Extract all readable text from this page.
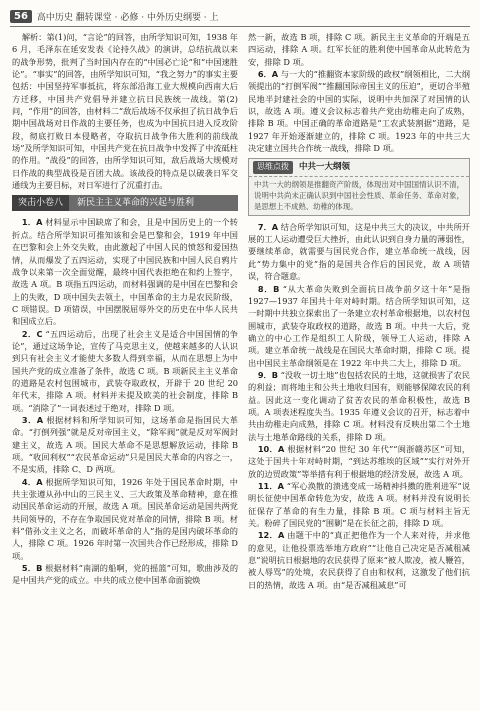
56	高中历史 翻转课堂 · 必修 · 中外历史纲要 · 上

解析：第(1)问，“言论”的回答，由所学知识可知，1938 年 6 月，毛泽东在延安发表《论持久战》的演讲，总结抗战以来的战争形势，批判了当时国内存在的“中国必亡论”和“中国速胜论”。“事实”的回答，由所学知识可知，“我之努力”的事实主要包括：中国坚持军事抵抗，将东部沿海工业大规模向西南大后方迁移，中国共产党倡导并建立抗日民族统一战线。第(2)问，“作用”的回答，由材料二“敌后战场不仅承担了抗日战争后期中国战场对日作战的主要任务，也成为中国抗日进入反攻阶段，彻底打败日本侵略者，夺取抗日战争伟大胜利的前线战场”及所学知识可知，中国共产党在抗日战争中发挥了中流砥柱的作用。“战役”的回答，由所学知识可知，敌后战场大规模对日作战的典型战役是百团大战。该战役的特点是以破袭日军交通线为主要目标，对日军进行了沉重打击。

突击小卷八	新民主主义革命的兴起与胜利

1．A 材料显示中国缺席了和会，且是中国历史上的一个转折点。结合所学知识可推知该和会是巴黎和会，1919 年中国在巴黎和会上外交失败，由此激起了中国人民的愤怒和爱国热情，从而爆发了五四运动，实现了中国民族和中国人民自鸦片战争以来第一次全面觉醒，最终中国代表拒绝在和约上签字，故选 A 项。B 项指五四运动，而材料强调的是中国在巴黎和会上的失败，D 项中国失去领土，中国革命的主力是农民阶级，C 项错误。D 项错误，中国摆脱屈辱外交的历史在中华人民共和国成立后。

2．C “五四运动后，出现了社会主义是适合中国国情的争论”，通过这场争论，宣传了马克思主义，使越来越多的人认识到只有社会主义才能使大多数人得到幸福，从而在思想上为中国共产党的成立准备了条件，故选 C 项。B 项新民主主义革命的道路是农村包围城市，武装夺取政权，开辟于 20 世纪 20 年代末，排除 A 项。材料并未提及欧美的社会制度，排除 B 项。“消除了”一词表述过于绝对，排除 D 项。

3．A 根据材料和所学知识可知，这场革命是指国民大革命。“打倒列强”就是反对帝国主义，“除军阀”就是反对军阀封建主义，故选 A 项。国民大革命不是思想解放运动，排除 B 项。“收回利权”“农民革命运动”只是国民大革命的内容之一，不是实质，排除 C、D 两项。

4．A 根据所学知识可知，1926 年处于国民革命时期，中共主张遵从孙中山的三民主义、三大政策及革命精神，意在推动国民革命运动的开展，故选 A 项。国民革命运动是国共两党共同领导的，不存在争取国民党对革命的同情，排除 B 项。材料“借孙文主义之名，而破坏革命的人”指的是国内破坏革命的人，排除 C 项。1926 年时第一次国共合作已经形成，排除 D 项。

5．B 根据材料“南湖的船啊，党的摇篮”可知，歌曲涉及的是中国共产党的成立。中共的成立使中国革命面貌焕

然一新，故选 B 项，排除 C 项。新民主主义革命的开端是五四运动，排除 A 项。红军长征的胜利使中国革命从此转危为安，排除 D 项。

6．A 与一大的“推翻资本家阶级的政权”纲领相比，二大纲领提出的“打倒军阀”“推翻国际帝国主义的压迫”，更切合半殖民地半封建社会的中国的实际，说明中共加深了对国情的认识，故选 A 项。遵义会议标志着共产党由幼稚走向了成熟，排除 B 项。中国正确的革命道路是“工农武装割据”道路，是 1927 年开始逐渐建立的，排除 C 项。1923 年的中共三大决定建立国共合作统一战线，排除 D 项。

思维点拨	中共一大纲领
中共一大的纲领是推翻资产阶级，体现出对中国国情认识不清，说明中共尚未正确认识到中国社会性质、革命任务、革命对象，是思想上不成熟、幼稚的体现。

7．A 结合所学知识可知，这是中共三大的决议，中共所开展的工人运动遭受巨大挫折，由此认识到自身力量的薄弱性，要继续革命，就需要与国民党合作，建立革命统一战线，因此“势力集中的党”指的是国共合作后的国民党，故 A 项错误，符合题意。

8．B “从大革命失败到全面抗日战争前夕这十年”是指 1927—1937 年国共十年对峙时期。结合所学知识可知，这一时期中共独立探索出了一条建立农村革命根据地，以农村包围城市，武装夺取政权的道路，故选 B 项。中共一大后，党确立的中心工作是组织工人阶级，领导工人运动，排除 A 项。建立革命统一战线是在国民大革命时期，排除 C 项。提出中国民主革命纲领是在 1922 年中共二大上，排除 D 项。

9．B “没收一切土地”也包括农民的土地，这就损害了农民的利益；而将地主和公共土地收归国有，则能够保障农民的利益。因此这一变化调动了贫苦农民的革命积极性，故选 B 项。A 项表述程度失当。1935 年遵义会议的召开，标志着中共由幼稚走向成熟，排除 C 项。材料没有反映出第二个土地法与土地革命路线的关系，排除 D 项。

10．A 根据材料“20 世纪 30 年代”“闽浙赣苏区”可知，这处于国共十年对峙时期，“到达苏维埃的区域”“实行对外开放的边贸政策”等举措有利于根据地的经济发展，故选 A 项。

11．A “军心涣散的溃逃变成一场精神抖擞的胜利进军”说明长征使中国革命转危为安，故选 A 项。材料并没有说明长征保存了革命的有生力量，排除 B 项。C 项与材料主旨无关。粉碎了国民党的“围剿”是在长征之前，排除 D 项。

12．A 由题干中的“真正把他作为一个人来对待，并求他的意见，让他投票选举地方政府”“让他自己决定是否减租减息”说明抗日根据地的农民获得了原来“被人欺凌，被人鞭笞，被人辱骂”的处境，农民获得了自由和权利，这激发了他们抗日的热情，故选 A 项。由“是否减租减息”可
